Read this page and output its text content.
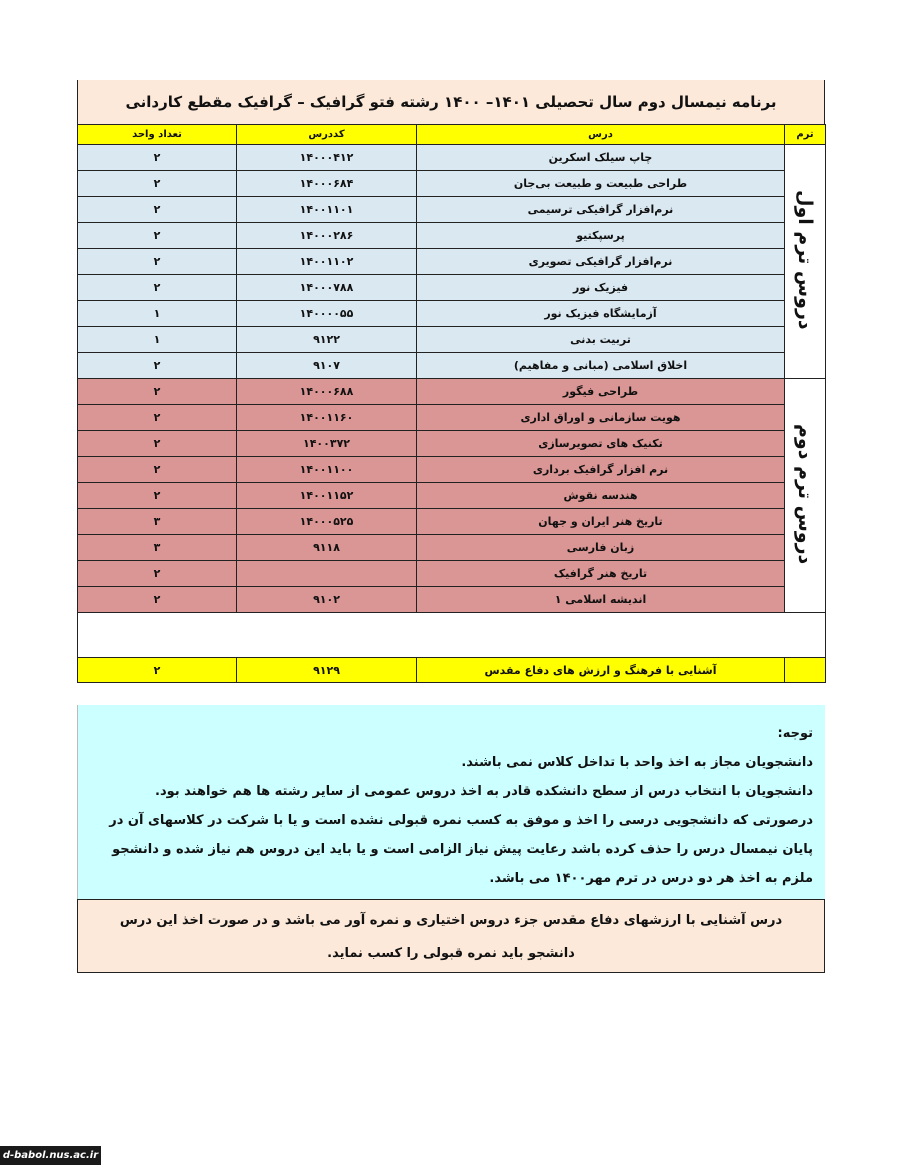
برنامه نیمسال دوم سال تحصیلی ۱۴۰۱– ۱۴۰۰ رشته فتو گرافیک – گرافیک مقطع کاردانی
ترم	درس	کددرس	تعداد واحد
دروس ترم اول	چاپ سیلک اسکرین	۱۴۰۰۰۴۱۲	۲
	طراحی طبیعت و طبیعت بی‌جان	۱۴۰۰۰۶۸۴	۲
	نرم‌افزار گرافیکی ترسیمی	۱۴۰۰۱۱۰۱	۲
	پرسپکتیو	۱۴۰۰۰۲۸۶	۲
	نرم‌افزار گرافیکی تصویری	۱۴۰۰۱۱۰۲	۲
	فیزیک نور	۱۴۰۰۰۷۸۸	۲
	آزمایشگاه فیزیک نور	۱۴۰۰۰۰۵۵	۱
	تربیت بدنی	۹۱۲۲	۱
	اخلاق اسلامی (مبانی و مفاهیم)	۹۱۰۷	۲
دروس ترم دوم	طراحی فیگور	۱۴۰۰۰۶۸۸	۲
	هویت سازمانی و اوراق اداری	۱۴۰۰۱۱۶۰	۲
	تکنیک های تصویرسازی	۱۴۰۰۳۷۲	۲
	نرم افزار گرافیک برداری	۱۴۰۰۱۱۰۰	۲
	هندسه نقوش	۱۴۰۰۱۱۵۲	۲
	تاریخ هنر ایران و جهان	۱۴۰۰۰۵۲۵	۳
	زبان فارسی	۹۱۱۸	۳
	تاریخ هنر گرافیک		۲
	اندیشه اسلامی ۱	۹۱۰۲	۲

	آشنایی با فرهنگ و ارزش های دفاع مقدس	۹۱۲۹	۲

توجه:
دانشجویان مجاز به اخذ واحد با تداخل کلاس نمی باشند.
دانشجویان با انتخاب درس از سطح دانشکده قادر به اخذ دروس عمومی از سایر رشته ها هم خواهند بود.
درصورتی که دانشجویی درسی را اخذ و موفق به کسب نمره قبولی نشده است و یا با شرکت در کلاسهای آن در پایان نیمسال درس را حذف کرده باشد رعایت پیش نیاز الزامی است و یا باید این دروس هم نیاز شده و دانشجو ملزم به اخذ هر دو درس در ترم مهر۱۴۰۰ می باشد.
درس آشنایی با ارزشهای دفاع مقدس جزء دروس اختیاری و نمره آور می باشد و در صورت اخذ این درس دانشجو باید نمره قبولی را کسب نماید.
d-babol.nus.ac.ir
